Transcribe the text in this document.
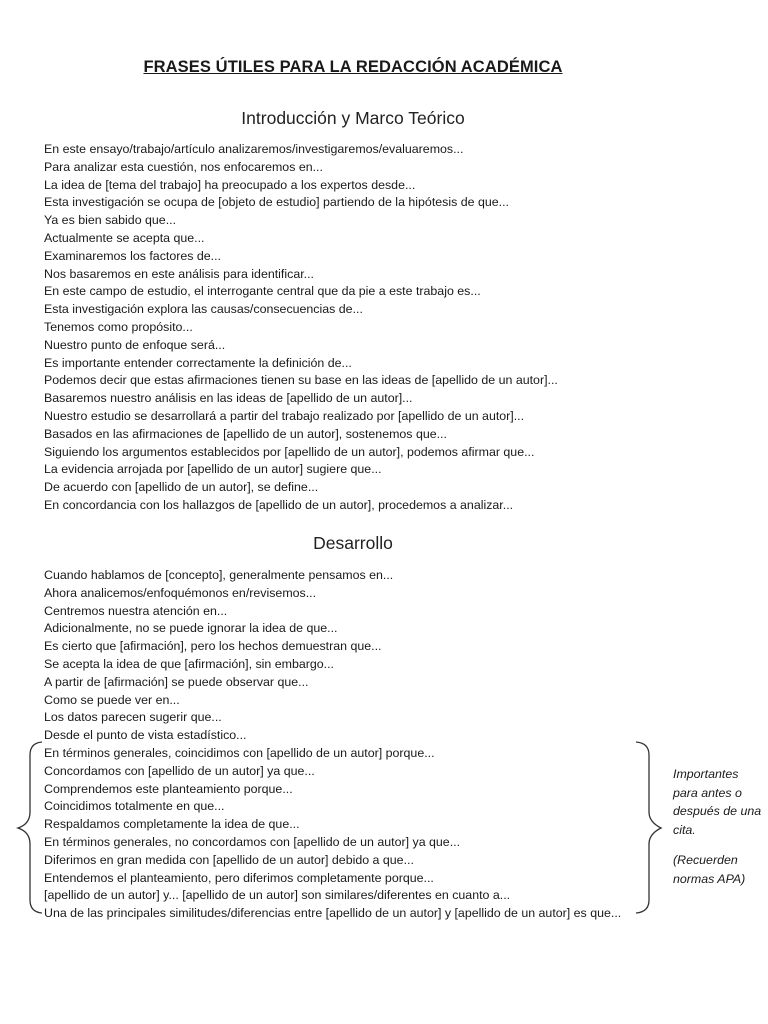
FRASES ÚTILES PARA LA REDACCIÓN ACADÉMICA
Introducción y Marco Teórico
En este ensayo/trabajo/artículo analizaremos/investigaremos/evaluaremos...
Para analizar esta cuestión, nos enfocaremos en...
La idea de [tema del trabajo] ha preocupado a los expertos desde...
Esta investigación se ocupa de [objeto de estudio] partiendo de la hipótesis de que...
Ya es bien sabido que...
Actualmente se acepta que...
Examinaremos los factores de...
Nos basaremos en este análisis para identificar...
En este campo de estudio, el interrogante central que da pie a este trabajo es...
Esta investigación explora las causas/consecuencias de...
Tenemos como propósito...
Nuestro punto de enfoque será...
Es importante entender correctamente la definición de...
Podemos decir que estas afirmaciones tienen su base en las ideas de [apellido de un autor]...
Basaremos nuestro análisis en las ideas de [apellido de un autor]...
Nuestro estudio se desarrollará a partir del trabajo realizado por [apellido de un autor]...
Basados en las afirmaciones de [apellido de un autor], sostenemos que...
Siguiendo los argumentos establecidos por [apellido de un autor], podemos afirmar que...
La evidencia arrojada por [apellido de un autor] sugiere que...
De acuerdo con [apellido de un autor], se define...
En concordancia con los hallazgos de [apellido de un autor], procedemos a analizar...
Desarrollo
Cuando hablamos de [concepto], generalmente pensamos en...
Ahora analicemos/enfoquémonos en/revisemos...
Centremos nuestra atención en...
Adicionalmente, no se puede ignorar la idea de que...
Es cierto que [afirmación], pero los hechos demuestran que...
Se acepta la idea de que [afirmación], sin embargo...
A partir de [afirmación] se puede observar que...
Como se puede ver en...
Los datos parecen sugerir que...
Desde el punto de vista estadístico...
En términos generales, coincidimos con [apellido de un autor] porque...
Concordamos con [apellido de un autor] ya que...
Comprendemos este planteamiento porque...
Coincidimos totalmente en que...
Respaldamos completamente la idea de que...
En términos generales, no concordamos con [apellido de un autor] ya que...
Diferimos en gran medida con [apellido de un autor] debido a que...
Entendemos el planteamiento, pero diferimos completamente porque...
[apellido de un autor] y... [apellido de un autor] son similares/diferentes en cuanto a...
Una de las principales similitudes/diferencias entre [apellido de un autor] y [apellido de un autor] es que...

Importantes para antes o después de una cita.

(Recuerden normas APA)
